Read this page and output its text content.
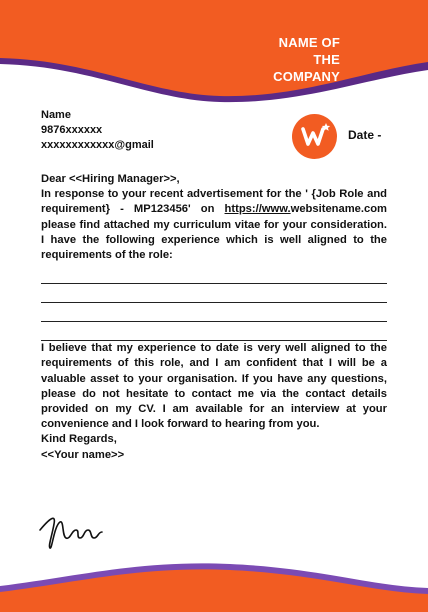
NAME OF
THE
COMPANY
Name
9876xxxxxx
xxxxxxxxxxxx@gmail
Date -
Dear <<Hiring Manager>>,

In response to your recent advertisement for the ' {Job Role and requirement} - MP123456' on https://www.websitename.com please find attached my curriculum vitae for your consideration. I have the following experience which is well aligned to the requirements of the role:

I believe that my experience to date is very well aligned to the requirements of this role, and I am confident that I will be a valuable asset to your organisation. If you have any questions, please do not hesitate to contact me via the contact details provided on my CV. I am available for an interview at your convenience and I look forward to hearing from you.

Kind Regards,
<<Your name>>
